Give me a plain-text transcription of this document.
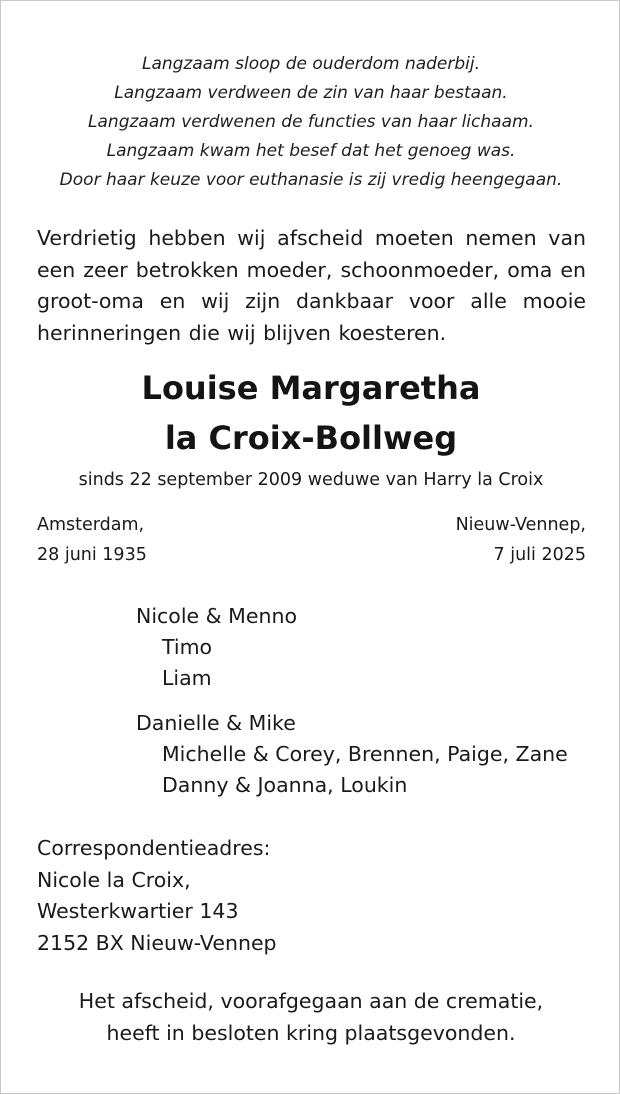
Langzaam sloop de ouderdom naderbij.
Langzaam verdween de zin van haar bestaan.
Langzaam verdwenen de functies van haar lichaam.
Langzaam kwam het besef dat het genoeg was.
Door haar keuze voor euthanasie is zij vredig heengegaan.
Verdrietig hebben wij afscheid moeten nemen van een zeer betrokken moeder, schoonmoeder, oma en groot-oma en wij zijn dankbaar voor alle mooie herinneringen die wij blijven koesteren.
Louise Margaretha
la Croix-Bollweg
sinds 22 september 2009 weduwe van Harry la Croix
Amsterdam,
28 juni 1935
Nieuw-Vennep,
7 juli 2025
Nicole & Menno
Timo
Liam
Danielle & Mike
Michelle & Corey, Brennen, Paige, Zane
Danny & Joanna, Loukin
Correspondentieadres:
Nicole la Croix,
Westerkwartier 143
2152 BX Nieuw-Vennep
Het afscheid, voorafgegaan aan de crematie,
heeft in besloten kring plaatsgevonden.
